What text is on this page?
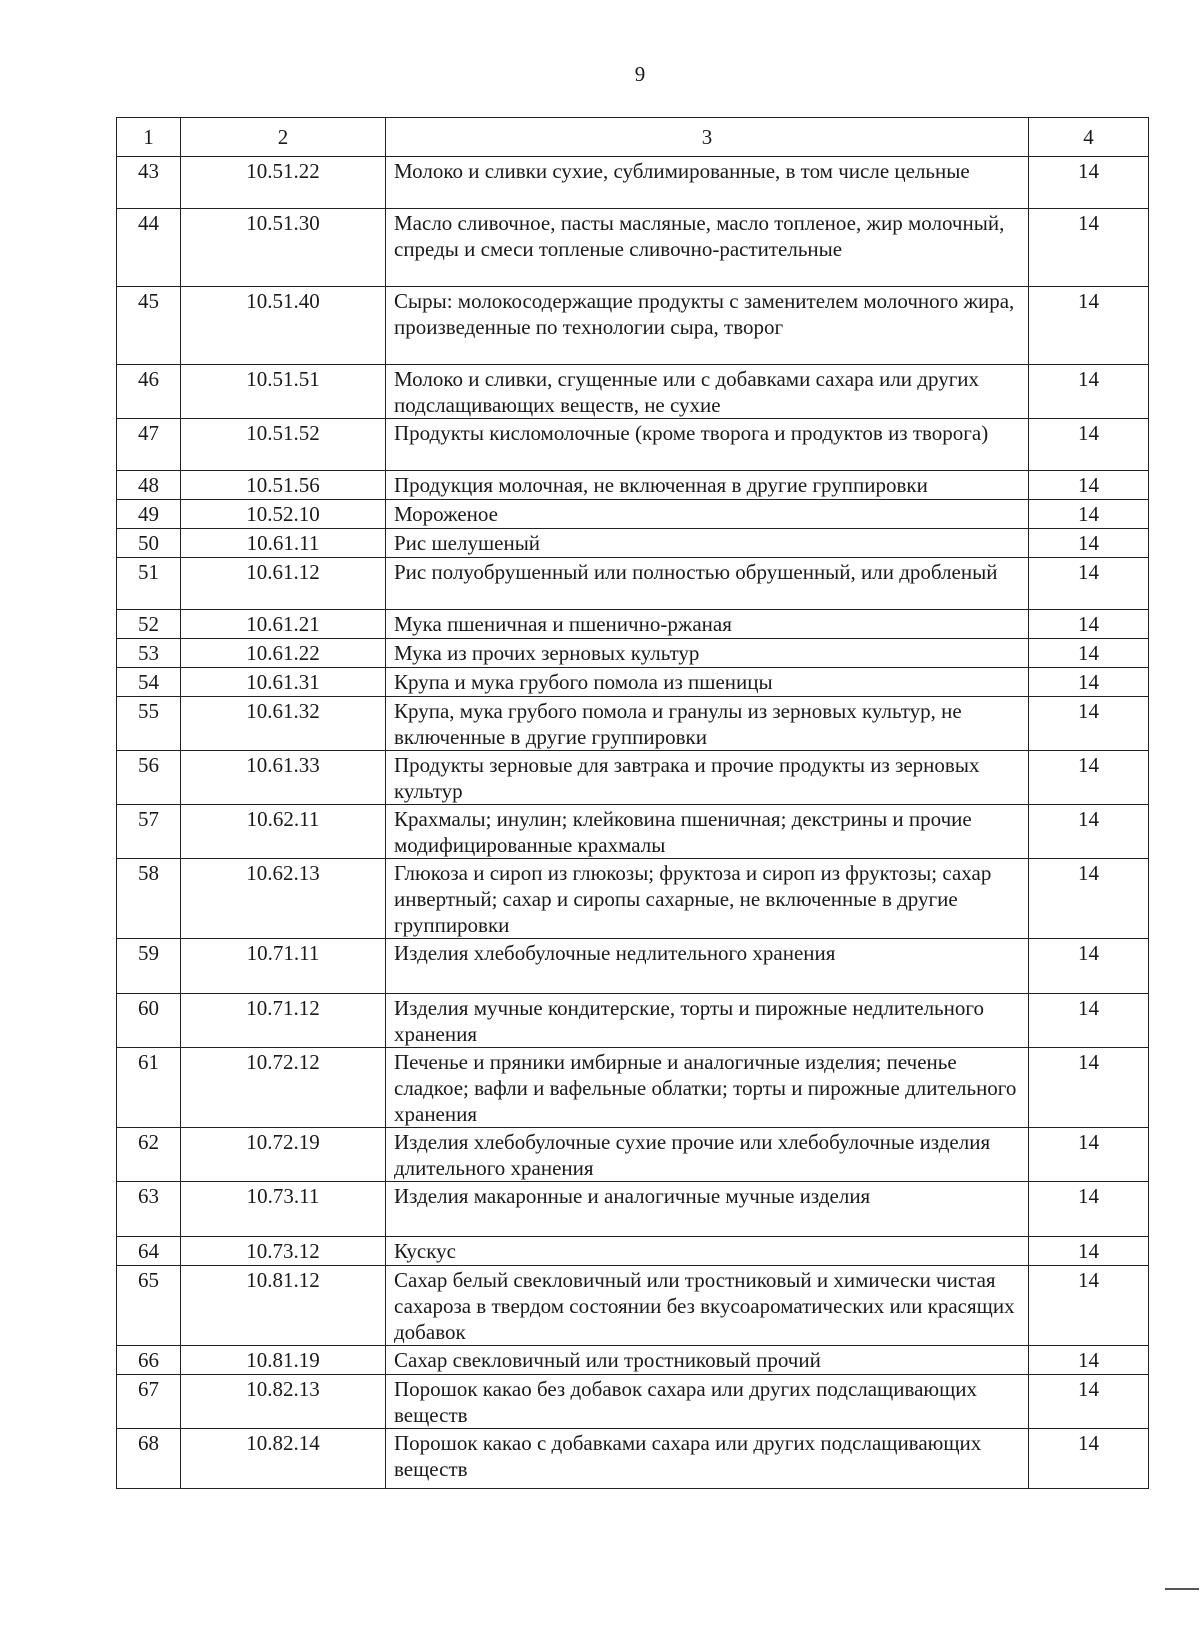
9
1	2	3	4
43	10.51.22	Молоко и сливки сухие, сублимированные, в том числе цельные	14
44	10.51.30	Масло сливочное, пасты масляные, масло топленое, жир молочный, спреды и смеси топленые сливочно-растительные	14
45	10.51.40	Сыры: молокосодержащие продукты с заменителем молочного жира, произведенные по технологии сыра, творог	14
46	10.51.51	Молоко и сливки, сгущенные или с добавками сахара или других подслащивающих веществ, не сухие	14
47	10.51.52	Продукты кисломолочные (кроме творога и продуктов из творога)	14
48	10.51.56	Продукция молочная, не включенная в другие группировки	14
49	10.52.10	Мороженое	14
50	10.61.11	Рис шелушеный	14
51	10.61.12	Рис полуобрушенный или полностью обрушенный, или дробленый	14
52	10.61.21	Мука пшеничная и пшенично-ржаная	14
53	10.61.22	Мука из прочих зерновых культур	14
54	10.61.31	Крупа и мука грубого помола из пшеницы	14
55	10.61.32	Крупа, мука грубого помола и гранулы из зерновых культур, не включенные в другие группировки	14
56	10.61.33	Продукты зерновые для завтрака и прочие продукты из зерновых культур	14
57	10.62.11	Крахмалы; инулин; клейковина пшеничная; декстрины и прочие модифицированные крахмалы	14
58	10.62.13	Глюкоза и сироп из глюкозы; фруктоза и сироп из фруктозы; сахар инвертный; сахар и сиропы сахарные, не включенные в другие группировки	14
59	10.71.11	Изделия хлебобулочные недлительного хранения	14
60	10.71.12	Изделия мучные кондитерские, торты и пирожные недлительного хранения	14
61	10.72.12	Печенье и пряники имбирные и аналогичные изделия; печенье сладкое; вафли и вафельные облатки; торты и пирожные длительного хранения	14
62	10.72.19	Изделия хлебобулочные сухие прочие или хлебобулочные изделия длительного хранения	14
63	10.73.11	Изделия макаронные и аналогичные мучные изделия	14
64	10.73.12	Кускус	14
65	10.81.12	Сахар белый свекловичный или тростниковый и химически чистая сахароза в твердом состоянии без вкусоароматических или красящих добавок	14
66	10.81.19	Сахар свекловичный или тростниковый прочий	14
67	10.82.13	Порошок какао без добавок сахара или других подслащивающих веществ	14
68	10.82.14	Порошок какао с добавками сахара или других подслащивающих веществ	14
